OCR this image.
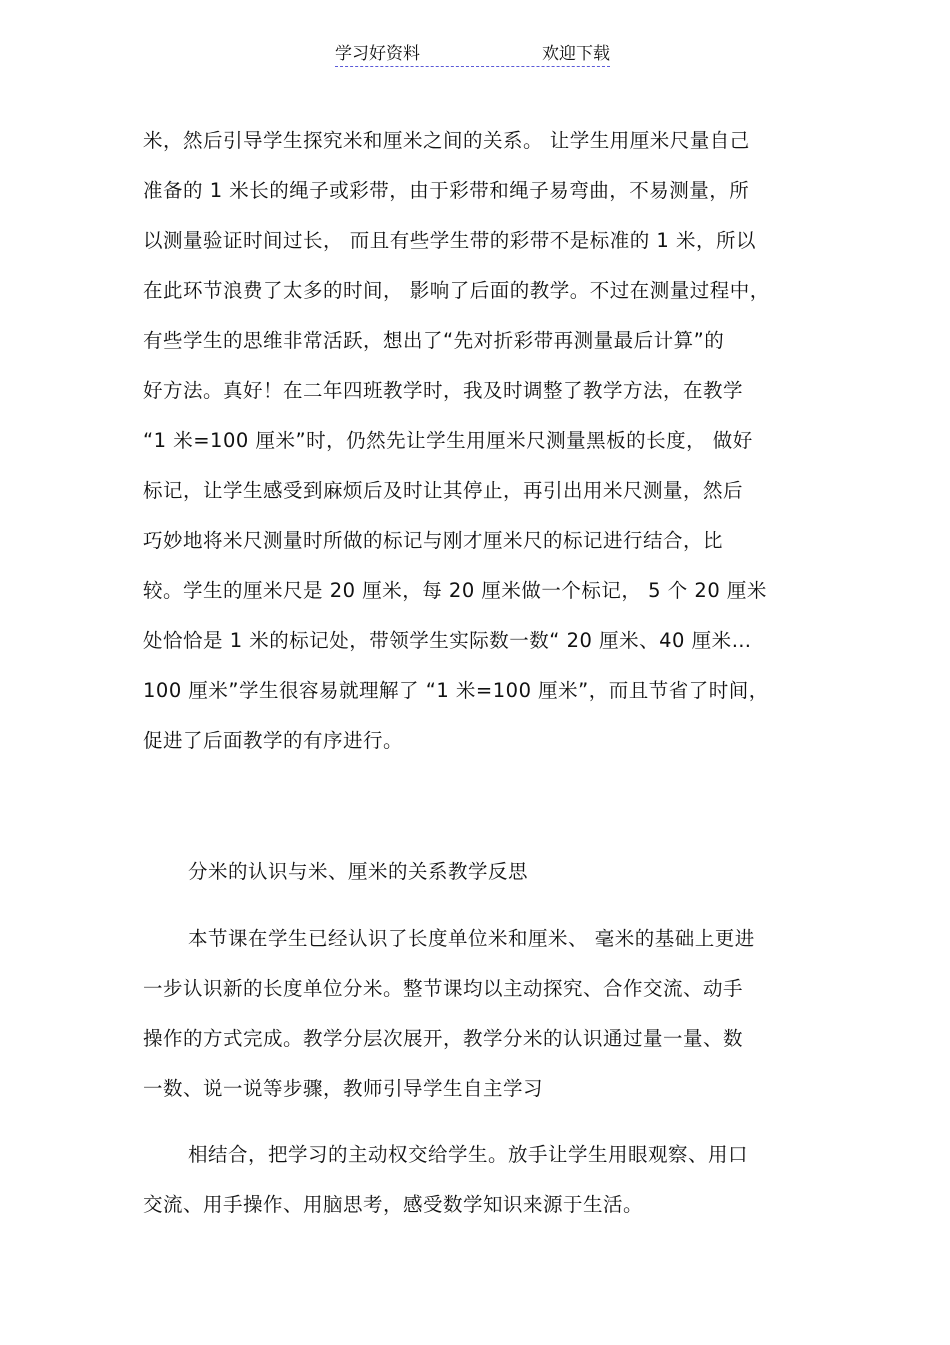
学习好资料	欢迎下载
米，然后引导学生探究米和厘米之间的关系。 让学生用厘米尺量自己
准备的 1 米长的绳子或彩带，由于彩带和绳子易弯曲，不易测量，所
以测量验证时间过长， 而且有些学生带的彩带不是标准的 1 米，所以
在此环节浪费了太多的时间， 影响了后面的教学。不过在测量过程中，
有些学生的思维非常活跃，想出了“先对折彩带再测量最后计算”的
好方法。真好！在二年四班教学时，我及时调整了教学方法，在教学
“1 米=100 厘米”时，仍然先让学生用厘米尺测量黑板的长度， 做好
标记，让学生感受到麻烦后及时让其停止，再引出用米尺测量，然后
巧妙地将米尺测量时所做的标记与刚才厘米尺的标记进行结合，比
较。学生的厘米尺是 20 厘米，每 20 厘米做一个标记， 5 个 20 厘米
处恰恰是 1 米的标记处，带领学生实际数一数“ 20 厘米、40 厘米…
100 厘米”学生很容易就理解了 “1 米=100 厘米”，而且节省了时间，
促进了后面教学的有序进行。
分米的认识与米、厘米的关系教学反思
本节课在学生已经认识了长度单位米和厘米、 毫米的基础上更进
一步认识新的长度单位分米。整节课均以主动探究、合作交流、动手
操作的方式完成。教学分层次展开，教学分米的认识通过量一量、数
一数、说一说等步骤，教师引导学生自主学习
相结合，把学习的主动权交给学生。放手让学生用眼观察、用口
交流、用手操作、用脑思考，感受数学知识来源于生活。
